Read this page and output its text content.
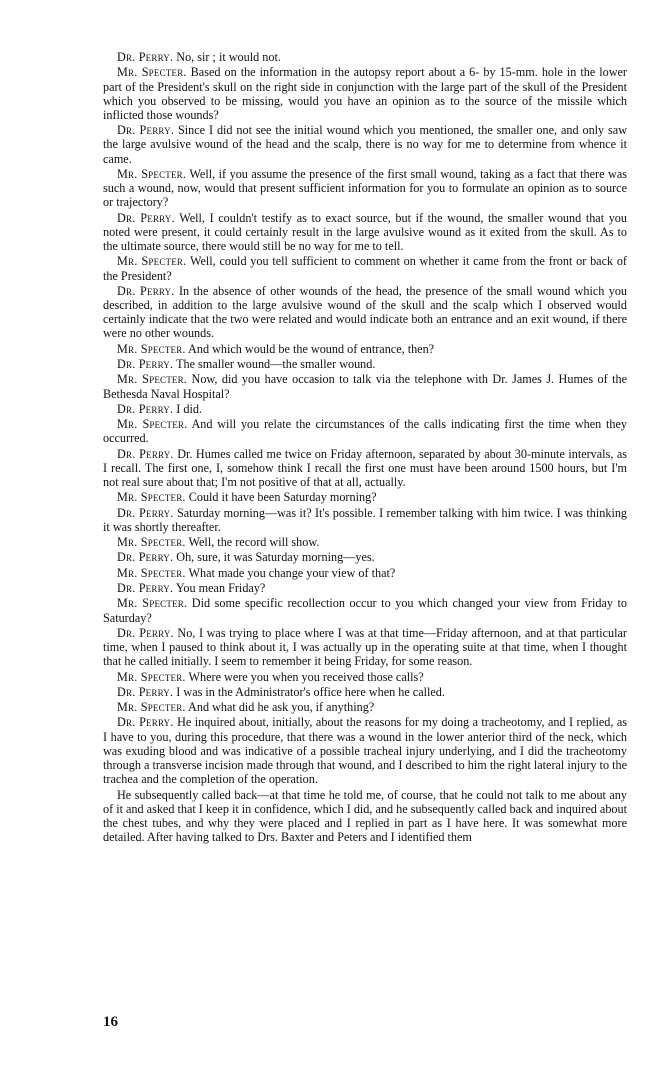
Dr. Perry. No, sir ; it would not.
Mr. Specter. Based on the information in the autopsy report about a 6- by 15-mm. hole in the lower part of the President's skull on the right side in conjunction with the large part of the skull of the President which you observed to be missing, would you have an opinion as to the source of the missile which inflicted those wounds?
Dr. Perry. Since I did not see the initial wound which you mentioned, the smaller one, and only saw the large avulsive wound of the head and the scalp, there is no way for me to determine from whence it came.
Mr. Specter. Well, if you assume the presence of the first small wound, taking as a fact that there was such a wound, now, would that present sufficient information for you to formulate an opinion as to source or trajectory?
Dr. Perry. Well, I couldn't testify as to exact source, but if the wound, the smaller wound that you noted were present, it could certainly result in the large avulsive wound as it exited from the skull. As to the ultimate source, there would still be no way for me to tell.
Mr. Specter. Well, could you tell sufficient to comment on whether it came from the front or back of the President?
Dr. Perry. In the absence of other wounds of the head, the presence of the small wound which you described, in addition to the large avulsive wound of the skull and the scalp which I observed would certainly indicate that the two were related and would indicate both an entrance and an exit wound, if there were no other wounds.
Mr. Specter. And which would be the wound of entrance, then?
Dr. Perry. The smaller wound—the smaller wound.
Mr. Specter. Now, did you have occasion to talk via the telephone with Dr. James J. Humes of the Bethesda Naval Hospital?
Dr. Perry. I did.
Mr. Specter. And will you relate the circumstances of the calls indicating first the time when they occurred.
Dr. Perry. Dr. Humes called me twice on Friday afternoon, separated by about 30-minute intervals, as I recall. The first one, I, somehow think I recall the first one must have been around 1500 hours, but I'm not real sure about that; I'm not positive of that at all, actually.
Mr. Specter. Could it have been Saturday morning?
Dr. Perry. Saturday morning—was it? It's possible. I remember talking with him twice. I was thinking it was shortly thereafter.
Mr. Specter. Well, the record will show.
Dr. Perry. Oh, sure, it was Saturday morning—yes.
Mr. Specter. What made you change your view of that?
Dr. Perry. You mean Friday?
Mr. Specter. Did some specific recollection occur to you which changed your view from Friday to Saturday?
Dr. Perry. No, I was trying to place where I was at that time—Friday afternoon, and at that particular time, when I paused to think about it, I was actually up in the operating suite at that time, when I thought that he called initially. I seem to remember it being Friday, for some reason.
Mr. Specter. Where were you when you received those calls?
Dr. Perry. I was in the Administrator's office here when he called.
Mr. Specter. And what did he ask you, if anything?
Dr. Perry. He inquired about, initially, about the reasons for my doing a tracheotomy, and I replied, as I have to you, during this procedure, that there was a wound in the lower anterior third of the neck, which was exuding blood and was indicative of a possible tracheal injury underlying, and I did the tracheotomy through a transverse incision made through that wound, and I described to him the right lateral injury to the trachea and the completion of the operation.
He subsequently called back—at that time he told me, of course, that he could not talk to me about any of it and asked that I keep it in confidence, which I did, and he subsequently called back and inquired about the chest tubes, and why they were placed and I replied in part as I have here. It was somewhat more detailed. After having talked to Drs. Baxter and Peters and I identified them
16
